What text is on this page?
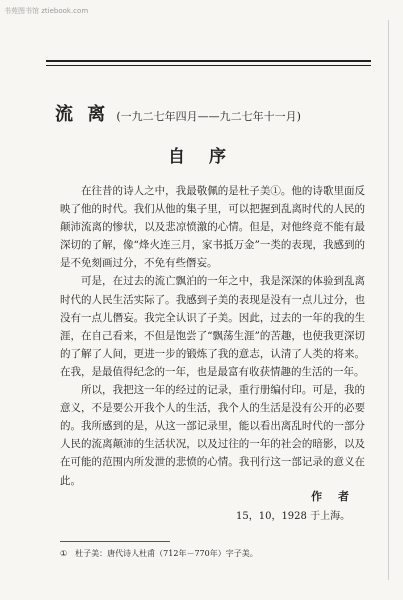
书苑图书馆 ztiebook.com
流 离 (一九二七年四月——九二七年十一月)
自 序

在往昔的诗人之中，我最敬佩的是杜子美①。他的诗歌里面反映了他的时代。我们从他的集子里，可以把握到乱离时代的人民的颠沛流离的惨状，以及悲凉愤激的心情。但是，对他终竟不能有最深切的了解，像“烽火连三月，家书抵万金”一类的表现，我感到的是不免刻画过分，不免有些僭妄。

可是，在过去的流亡飘泊的一年之中，我是深深的体验到乱离时代的人民生活实际了。我感到子美的表现是没有一点儿过分，也没有一点儿僭妄。我完全认识了子美。因此，过去的一年的我的生涯，在自己看来，不但是饱尝了“飘荡生涯”的苦趣，也使我更深切的了解了人间，更进一步的锻炼了我的意志，认清了人类的将来。在我，是最值得纪念的一年，也是最富有收获情趣的生活的一年。

所以，我把这一年的经过的记录，重行册编付印。可是，我的意义，不是要公开我个人的生活，我个人的生活是没有公开的必要的。我所感到的是，从这一部记录里，能以看出离乱时代的一部分人民的流离颠沛的生活状况，以及过往的一年的社会的暗影，以及在可能的范围内所发泄的悲愤的心情。我刊行这一部记录的意义在此。

作 者
15，10，1928 于上海。
① 杜子美：唐代诗人杜甫（712年－770年）字子美。
